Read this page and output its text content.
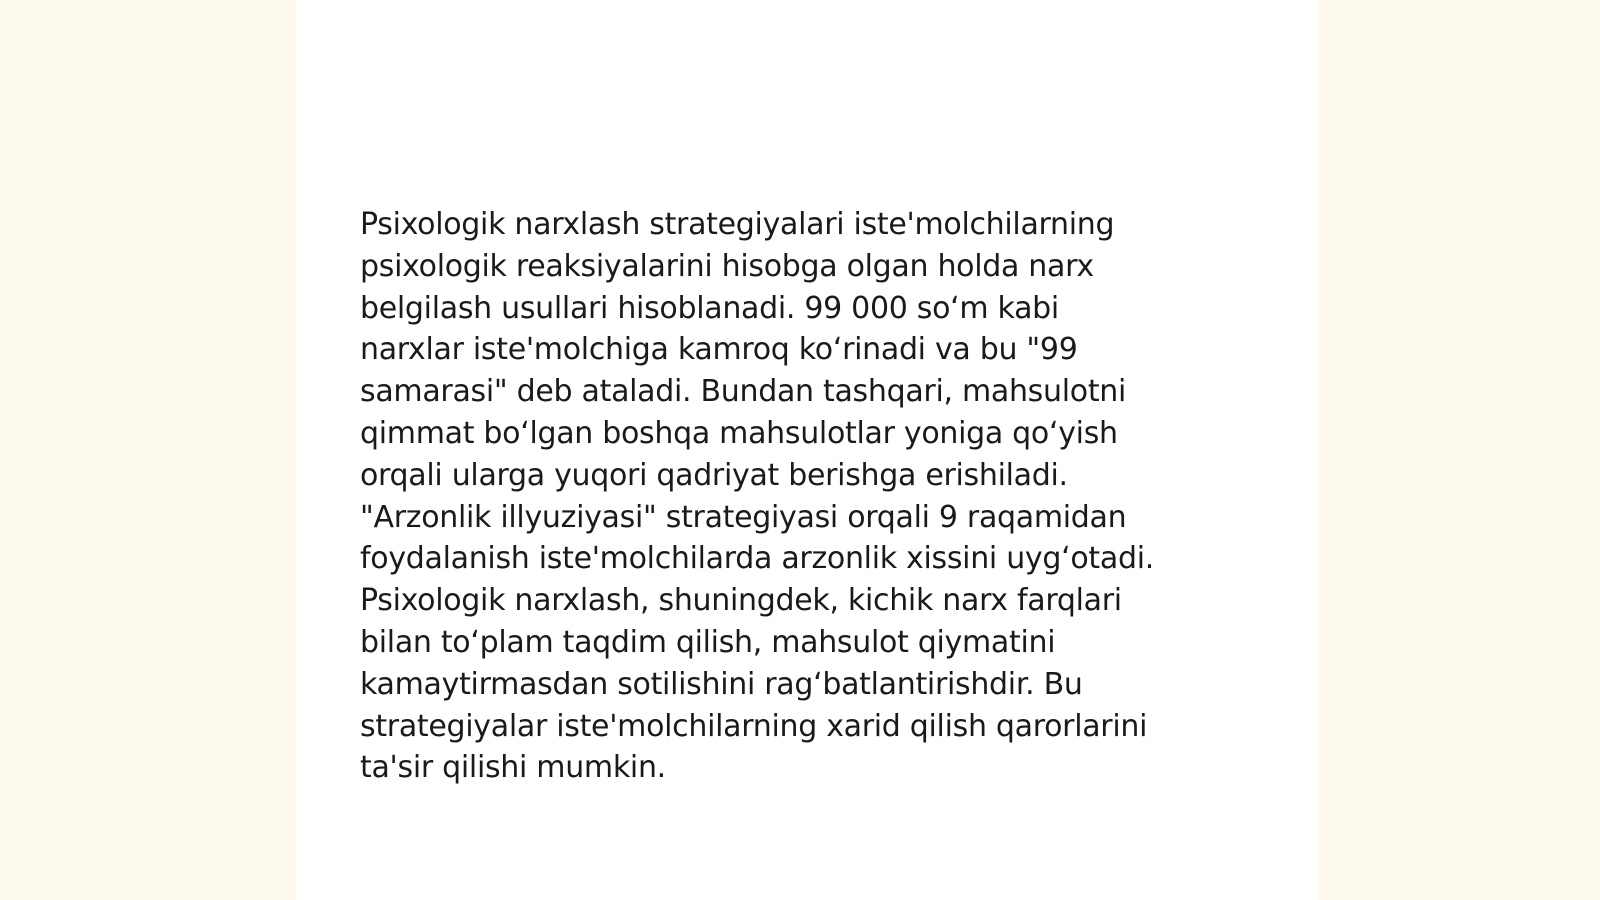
Psixologik narxlash strategiyalari iste'molchilarning
psixologik reaksiyalarini hisobga olgan holda narx
belgilash usullari hisoblanadi. 99 000 so‘m kabi
narxlar iste'molchiga kamroq ko‘rinadi va bu "99
samarasi" deb ataladi. Bundan tashqari, mahsulotni
qimmat bo‘lgan boshqa mahsulotlar yoniga qo‘yish
orqali ularga yuqori qadriyat berishga erishiladi.
"Arzonlik illyuziyasi" strategiyasi orqali 9 raqamidan
foydalanish iste'molchilarda arzonlik xissini uyg‘otadi.
Psixologik narxlash, shuningdek, kichik narx farqlari
bilan to‘plam taqdim qilish, mahsulot qiymatini
kamaytirmasdan sotilishini rag‘batlantirishdir. Bu
strategiyalar iste'molchilarning xarid qilish qarorlarini
ta'sir qilishi mumkin.
